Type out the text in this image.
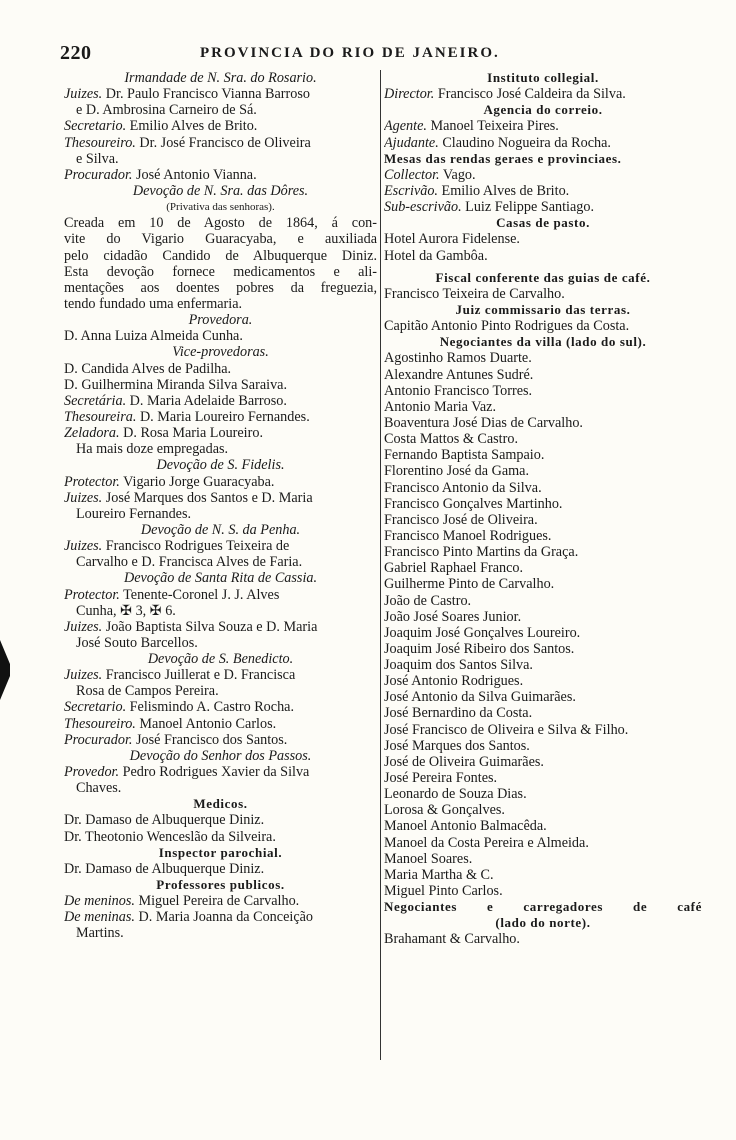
220	PROVINCIA DO RIO DE JANEIRO.
Irmandade de N. Sra. do Rosario.
Juizes. Dr. Paulo Francisco Vianna Barroso
e D. Ambrosina Carneiro de Sá.
Secretario. Emilio Alves de Brito.
Thesoureiro. Dr. José Francisco de Oliveira
e Silva.
Procurador. José Antonio Vianna.
Devoção de N. Sra. das Dôres.
(Privativa das senhoras).
Creada em 10 de Agosto de 1864, á con-
vite do Vigario Guaracyaba, e auxiliada
pelo cidadão Candido de Albuquerque Diniz.
Esta devoção fornece medicamentos e ali-
mentações aos doentes pobres da freguezia,
tendo fundado uma enfermaria.
Provedora.
D. Anna Luiza Almeida Cunha.
Vice-provedoras.
D. Candida Alves de Padilha.
D. Guilhermina Miranda Silva Saraiva.
Secretária. D. Maria Adelaide Barroso.
Thesoureira. D. Maria Loureiro Fernandes.
Zeladora. D. Rosa Maria Loureiro.
Ha mais doze empregadas.
Devoção de S. Fidelis.
Protector. Vigario Jorge Guaracyaba.
Juizes. José Marques dos Santos e D. Maria
Loureiro Fernandes.
Devoção de N. S. da Penha.
Juizes. Francisco Rodrigues Teixeira de
Carvalho e D. Francisca Alves de Faria.
Devoção de Santa Rita de Cassia.
Protector. Tenente-Coronel J. J. Alves
Cunha, ✠ 3, ✠ 6.
Juizes. João Baptista Silva Souza e D. Maria
José Souto Barcellos.
Devoção de S. Benedicto.
Juizes. Francisco Juillerat e D. Francisca
Rosa de Campos Pereira.
Secretario. Felismindo A. Castro Rocha.
Thesoureiro. Manoel Antonio Carlos.
Procurador. José Francisco dos Santos.
Devoção do Senhor dos Passos.
Provedor. Pedro Rodrigues Xavier da Silva
Chaves.
Medicos.
Dr. Damaso de Albuquerque Diniz.
Dr. Theotonio Wenceslão da Silveira.
Inspector parochial.
Dr. Damaso de Albuquerque Diniz.
Professores publicos.
De meninos. Miguel Pereira de Carvalho.
De meninas. D. Maria Joanna da Conceição
Martins.
Instituto collegial.
Director. Francisco José Caldeira da Silva.
Agencia do correio.
Agente. Manoel Teixeira Pires.
Ajudante. Claudino Nogueira da Rocha.
Mesas das rendas geraes e provinciaes.
Collector. Vago.
Escrivão. Emilio Alves de Brito.
Sub-escrivão. Luiz Felippe Santiago.
Casas de pasto.
Hotel Aurora Fidelense.
Hotel da Gambôa.
Fiscal conferente das guias de café.
Francisco Teixeira de Carvalho.
Juiz commissario das terras.
Capitão Antonio Pinto Rodrigues da Costa.
Negociantes da villa (lado do sul).
Agostinho Ramos Duarte.
Alexandre Antunes Sudré.
Antonio Francisco Torres.
Antonio Maria Vaz.
Boaventura José Dias de Carvalho.
Costa Mattos & Castro.
Fernando Baptista Sampaio.
Florentino José da Gama.
Francisco Antonio da Silva.
Francisco Gonçalves Martinho.
Francisco José de Oliveira.
Francisco Manoel Rodrigues.
Francisco Pinto Martins da Graça.
Gabriel Raphael Franco.
Guilherme Pinto de Carvalho.
João de Castro.
João José Soares Junior.
Joaquim José Gonçalves Loureiro.
Joaquim José Ribeiro dos Santos.
Joaquim dos Santos Silva.
José Antonio Rodrigues.
José Antonio da Silva Guimarães.
José Bernardino da Costa.
José Francisco de Oliveira e Silva & Filho.
José Marques dos Santos.
José de Oliveira Guimarães.
José Pereira Fontes.
Leonardo de Souza Dias.
Lorosa & Gonçalves.
Manoel Antonio Balmacêda.
Manoel da Costa Pereira e Almeida.
Manoel Soares.
Maria Martha & C.
Miguel Pinto Carlos.
Negociantes e carregadores de café
(lado do norte).
Brahamant & Carvalho.
